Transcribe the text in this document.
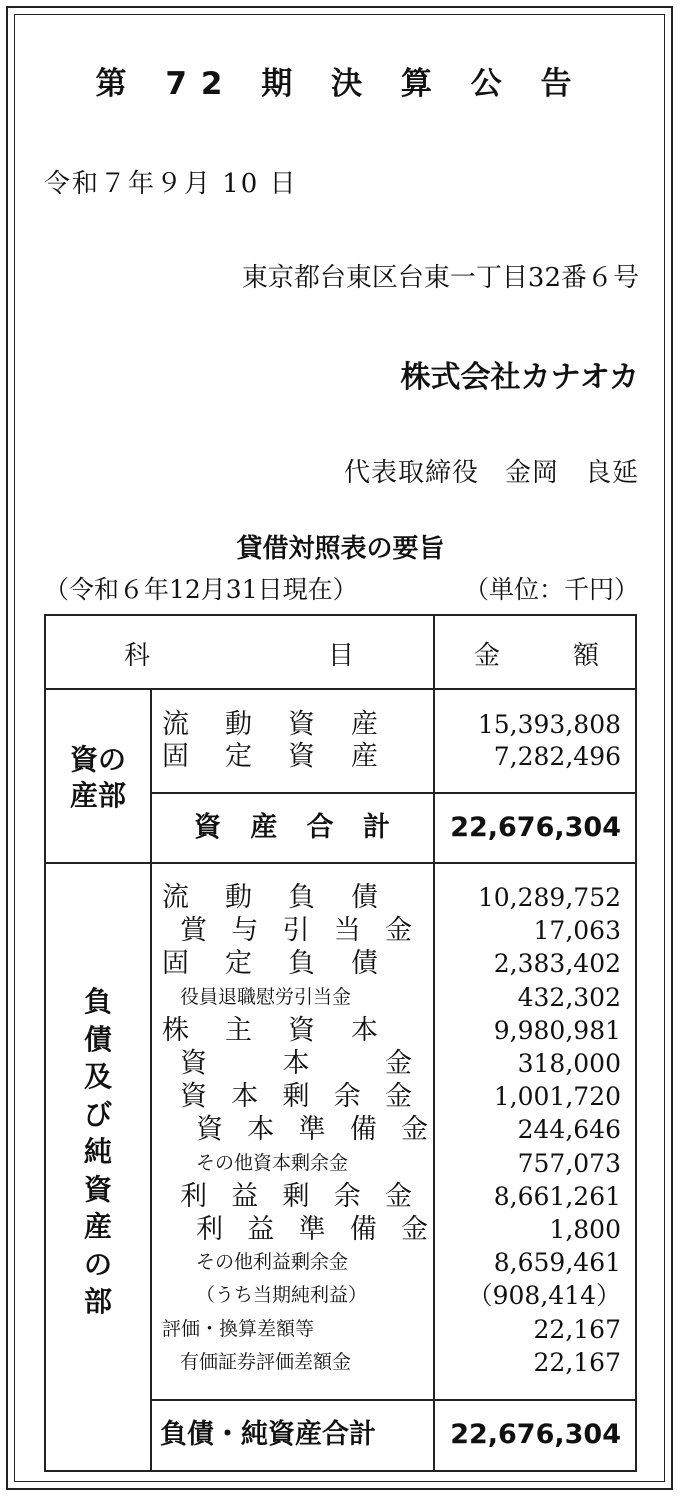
第 72 期 決 算 公 告
令和７年９月 10 日
東京都台東区台東一丁目32番６号
株式会社カナオカ
代表取締役 金岡 良延
貸借対照表の要旨
（令和６年12月31日現在）	（単位：千円）
科	目	金	額
資の
産部
負
債
及
び
純
資
産
の
部
流 動 資 産	15,393,808
固 定 資 産	7,282,496
資 産 合 計 22,676,304
流 動 負 債	10,289,752
賞 与 引 当 金	17,063
固 定 負 債	2,383,402
役員退職慰労引当金	432,302
株 主 資 本	9,980,981
資	本	金	318,000
資 本 剰 余 金	1,001,720
資 本 準 備 金	244,646
その他資本剰余金	757,073
利 益 剰 余 金	8,661,261
利 益 準 備 金	1,800
その他利益剰余金	8,659,461
（うち当期純利益）	（908,414）
評価・換算差額等	22,167
有価証券評価差額金	22,167
負債・純資産合計	22,676,304
